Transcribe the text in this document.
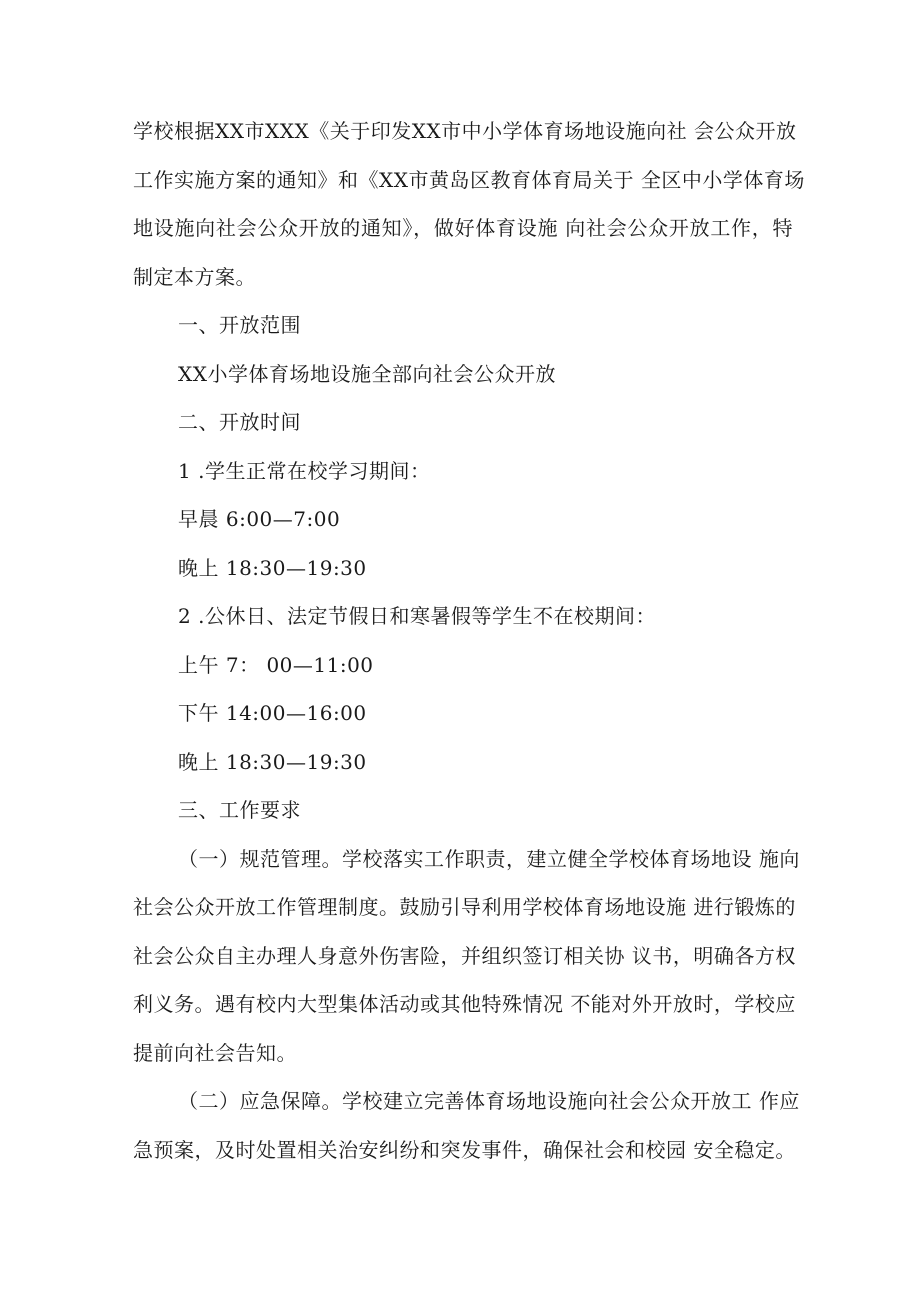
学校根据XX市XXX《关于印发XX市中小学体育场地设施向社 会公众开放
工作实施方案的通知》和《XX市黄岛区教育体育局关于 全区中小学体育场
地设施向社会公众开放的通知》，做好体育设施 向社会公众开放工作，特
制定本方案。
一、开放范围
XX小学体育场地设施全部向社会公众开放
二、开放时间
1 .学生正常在校学习期间：
早晨 6:00—7:00
晚上 18:30—19:30
2 .公休日、法定节假日和寒暑假等学生不在校期间：
上午 7： 00—11:00
下午 14:00—16:00
晚上 18:30—19:30
三、工作要求
（一）规范管理。学校落实工作职责，建立健全学校体育场地设 施向
社会公众开放工作管理制度。鼓励引导利用学校体育场地设施 进行锻炼的
社会公众自主办理人身意外伤害险，并组织签订相关协 议书，明确各方权
利义务。遇有校内大型集体活动或其他特殊情况 不能对外开放时，学校应
提前向社会告知。
（二）应急保障。学校建立完善体育场地设施向社会公众开放工 作应
急预案，及时处置相关治安纠纷和突发事件，确保社会和校园 安全稳定。
